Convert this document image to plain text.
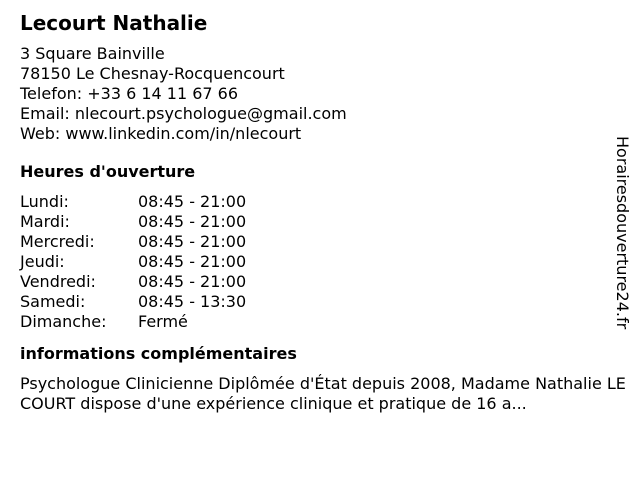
Lecourt Nathalie
3 Square Bainville
78150 Le Chesnay-Rocquencourt
Telefon: +33 6 14 11 67 66
Email: nlecourt.psychologue@gmail.com
Web: www.linkedin.com/in/nlecourt
Heures d'ouverture
Lundi:	08:45 - 21:00
Mardi:	08:45 - 21:00
Mercredi:	08:45 - 21:00
Jeudi:	08:45 - 21:00
Vendredi:	08:45 - 21:00
Samedi:	08:45 - 13:30
Dimanche:	Fermé
informations complémentaires
Psychologue Clinicienne Diplômée d'État depuis 2008, Madame Nathalie LECOURT dispose d'une expérience clinique et pratique de 16 a...
Horairesdouverture24.fr
